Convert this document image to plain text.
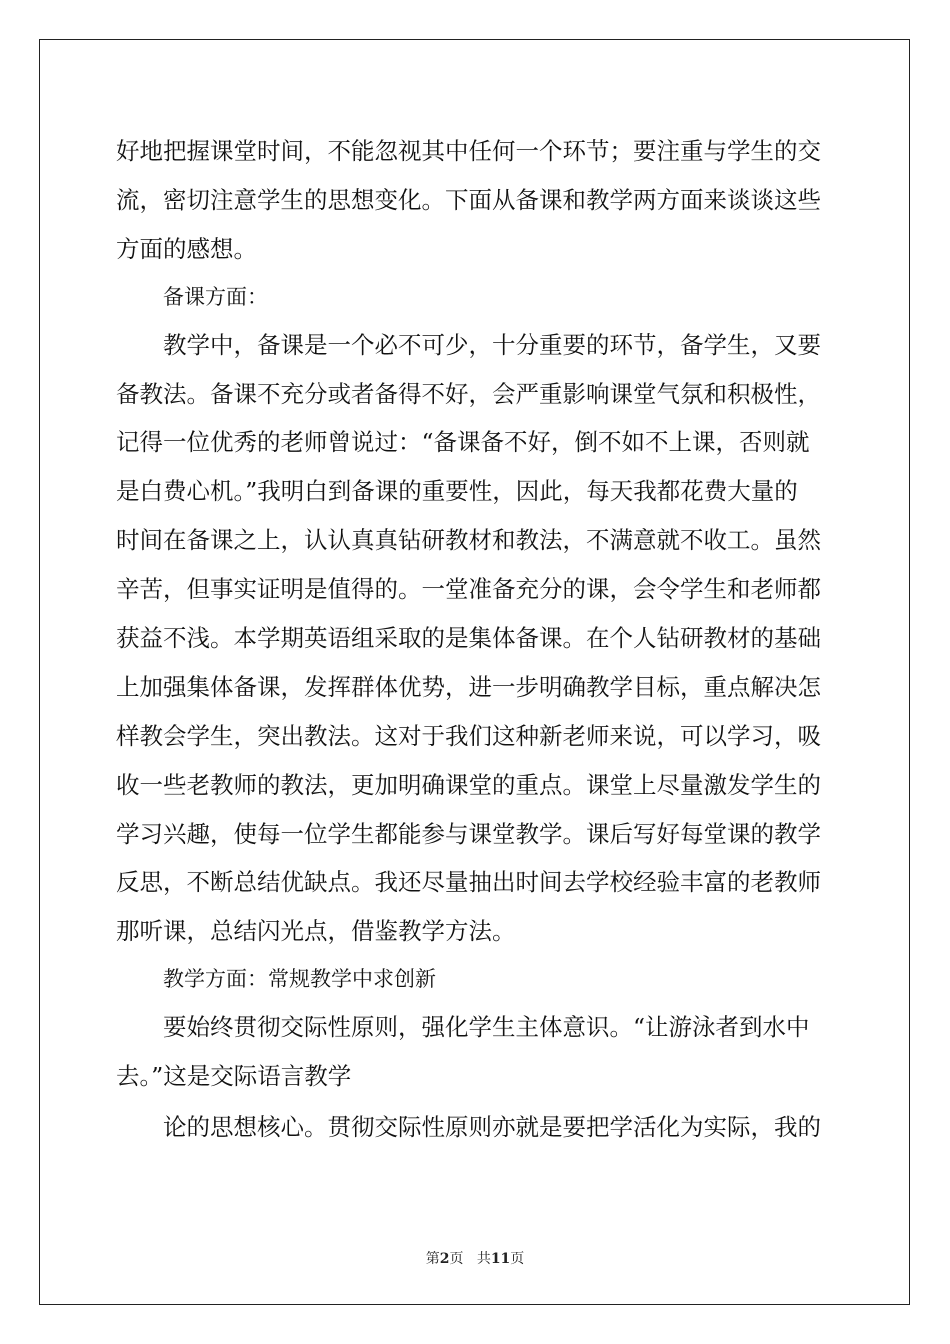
好地把握课堂时间，不能忽视其中任何一个环节；要注重与学生的交
流，密切注意学生的思想变化。下面从备课和教学两方面来谈谈这些
方面的感想。
备课方面：
教学中，备课是一个必不可少，十分重要的环节，备学生，又要
备教法。备课不充分或者备得不好，会严重影响课堂气氛和积极性，
记得一位优秀的老师曾说过：“备课备不好，倒不如不上课，否则就
是白费心机。”我明白到备课的重要性，因此，每天我都花费大量的
时间在备课之上，认认真真钻研教材和教法，不满意就不收工。虽然
辛苦，但事实证明是值得的。一堂准备充分的课，会令学生和老师都
获益不浅。本学期英语组采取的是集体备课。在个人钻研教材的基础
上加强集体备课，发挥群体优势，进一步明确教学目标，重点解决怎
样教会学生，突出教法。这对于我们这种新老师来说，可以学习，吸
收一些老教师的教法，更加明确课堂的重点。课堂上尽量激发学生的
学习兴趣，使每一位学生都能参与课堂教学。课后写好每堂课的教学
反思，不断总结优缺点。我还尽量抽出时间去学校经验丰富的老教师
那听课，总结闪光点，借鉴教学方法。
教学方面：常规教学中求创新
要始终贯彻交际性原则，强化学生主体意识。“让游泳者到水中
去。”这是交际语言教学
论的思想核心。贯彻交际性原则亦就是要把学活化为实际，我的
第2页 共11页
